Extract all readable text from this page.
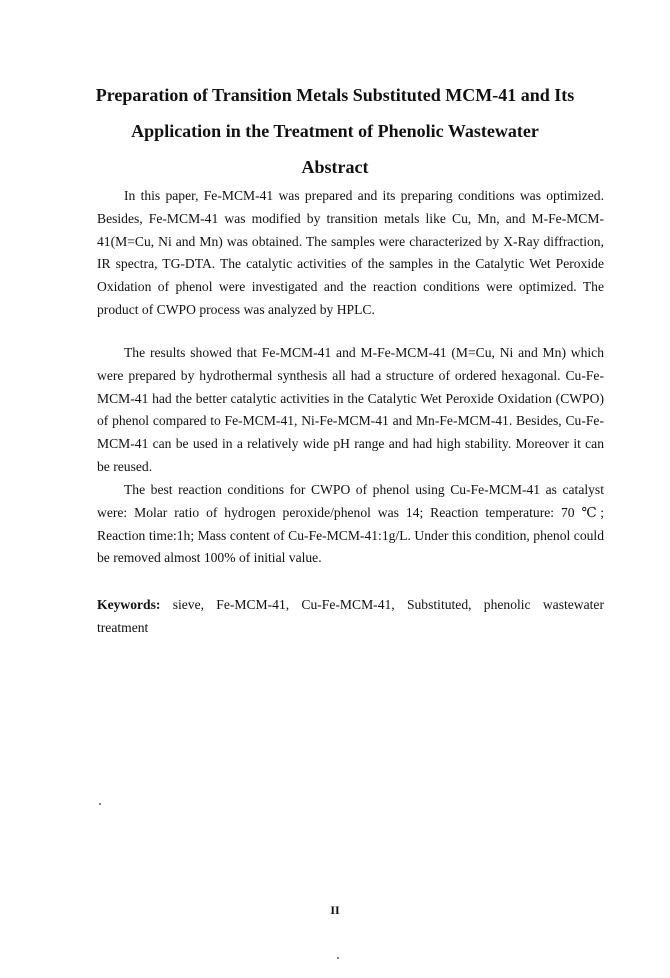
Preparation of Transition Metals Substituted MCM-41 and Its
Application in the Treatment of Phenolic Wastewater
Abstract

In this paper, Fe-MCM-41 was prepared and its preparing conditions was optimized. Besides, Fe-MCM-41 was modified by transition metals like Cu, Mn, and M-Fe-MCM-41(M=Cu, Ni and Mn) was obtained. The samples were characterized by X-Ray diffraction, IR spectra, TG-DTA. The catalytic activities of the samples in the Catalytic Wet Peroxide Oxidation of phenol were investigated and the reaction conditions were optimized. The product of CWPO process was analyzed by HPLC.

The results showed that Fe-MCM-41 and M-Fe-MCM-41 (M=Cu, Ni and Mn) which were prepared by hydrothermal synthesis all had a structure of ordered hexagonal. Cu-Fe-MCM-41 had the better catalytic activities in the Catalytic Wet Peroxide Oxidation (CWPO) of phenol compared to Fe-MCM-41, Ni-Fe-MCM-41 and Mn-Fe-MCM-41. Besides, Cu-Fe-MCM-41 can be used in a relatively wide pH range and had high stability. Moreover it can be reused.

The best reaction conditions for CWPO of phenol using Cu-Fe-MCM-41 as catalyst were: Molar ratio of hydrogen peroxide/phenol was 14; Reaction temperature: 70 ℃; Reaction time:1h; Mass content of Cu-Fe-MCM-41:1g/L. Under this condition, phenol could be removed almost 100% of initial value.

Keywords: sieve, Fe-MCM-41, Cu-Fe-MCM-41, Substituted, phenolic wastewater treatment
II
